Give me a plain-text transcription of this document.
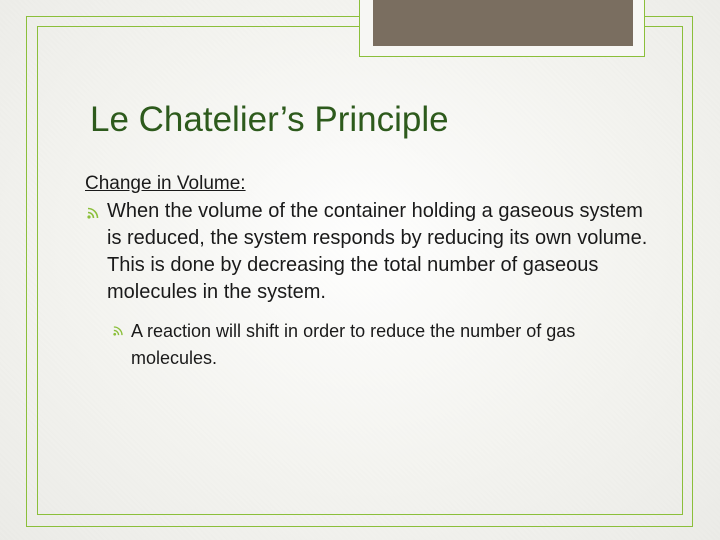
Le Chatelier’s Principle

Change in Volume:

When the volume of the container holding a gaseous system is reduced, the system responds by reducing its own volume. This is done by decreasing the total number of gaseous molecules in the system.

A reaction will shift in order to reduce the number of gas molecules.
